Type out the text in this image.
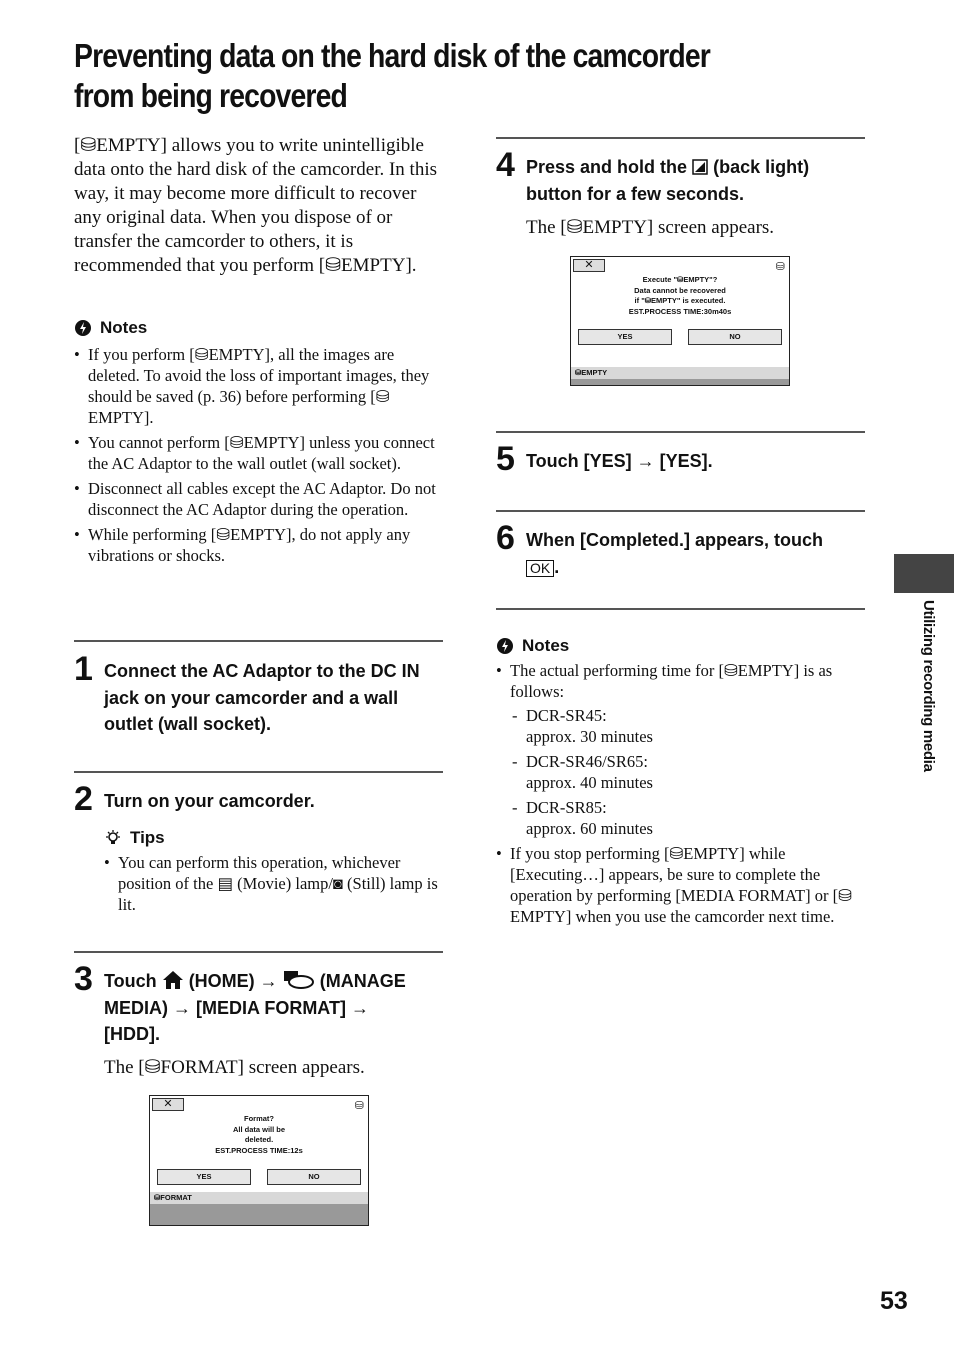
Preventing data on the hard disk of the camcorder
from being recovered

[⛁EMPTY] allows you to write unintelligible data onto the hard disk of the camcorder. In this way, it may become more difficult to recover any original data. When you dispose of or transfer the camcorder to others, it is recommended that you perform [⛁EMPTY].

Notes
• If you perform [⛁EMPTY], all the images are deleted. To avoid the loss of important images, they should be saved (p. 36) before performing [⛁EMPTY].
• You cannot perform [⛁EMPTY] unless you connect the AC Adaptor to the wall outlet (wall socket).
• Disconnect all cables except the AC Adaptor. Do not disconnect the AC Adaptor during the operation.
• While performing [⛁EMPTY], do not apply any vibrations or shocks.
1 Connect the AC Adaptor to the DC IN jack on your camcorder and a wall outlet (wall socket).
2 Turn on your camcorder.
Tips
• You can perform this operation, whichever position of the ▤ (Movie) lamp/◙ (Still) lamp is lit.
3 Touch (HOME) → (MANAGE
MEDIA) → [MEDIA FORMAT] →
[HDD].
The [⛁FORMAT] screen appears.
✕	⛁
Format?
All data will be
deleted.
EST.PROCESS TIME:12s
YES	NO
⛁FORMAT
4 Press and hold the (back light)
button for a few seconds.
The [⛁EMPTY] screen appears.
✕	⛁
Execute "⛁EMPTY"?
Data cannot be recovered
if "⛁EMPTY" is executed.
EST.PROCESS TIME:30m40s
YES	NO
⛁EMPTY
5 Touch [YES] → [YES].
6 When [Completed.] appears, touch
OK .
Notes
• The actual performing time for [⛁EMPTY] is as follows:
- DCR-SR45:
approx. 30 minutes
- DCR-SR46/SR65:
approx. 40 minutes
- DCR-SR85:
approx. 60 minutes
• If you stop performing [⛁EMPTY] while [Executing…] appears, be sure to complete the operation by performing [MEDIA FORMAT] or [⛁EMPTY] when you use the camcorder next time.
Utilizing recording media
53
